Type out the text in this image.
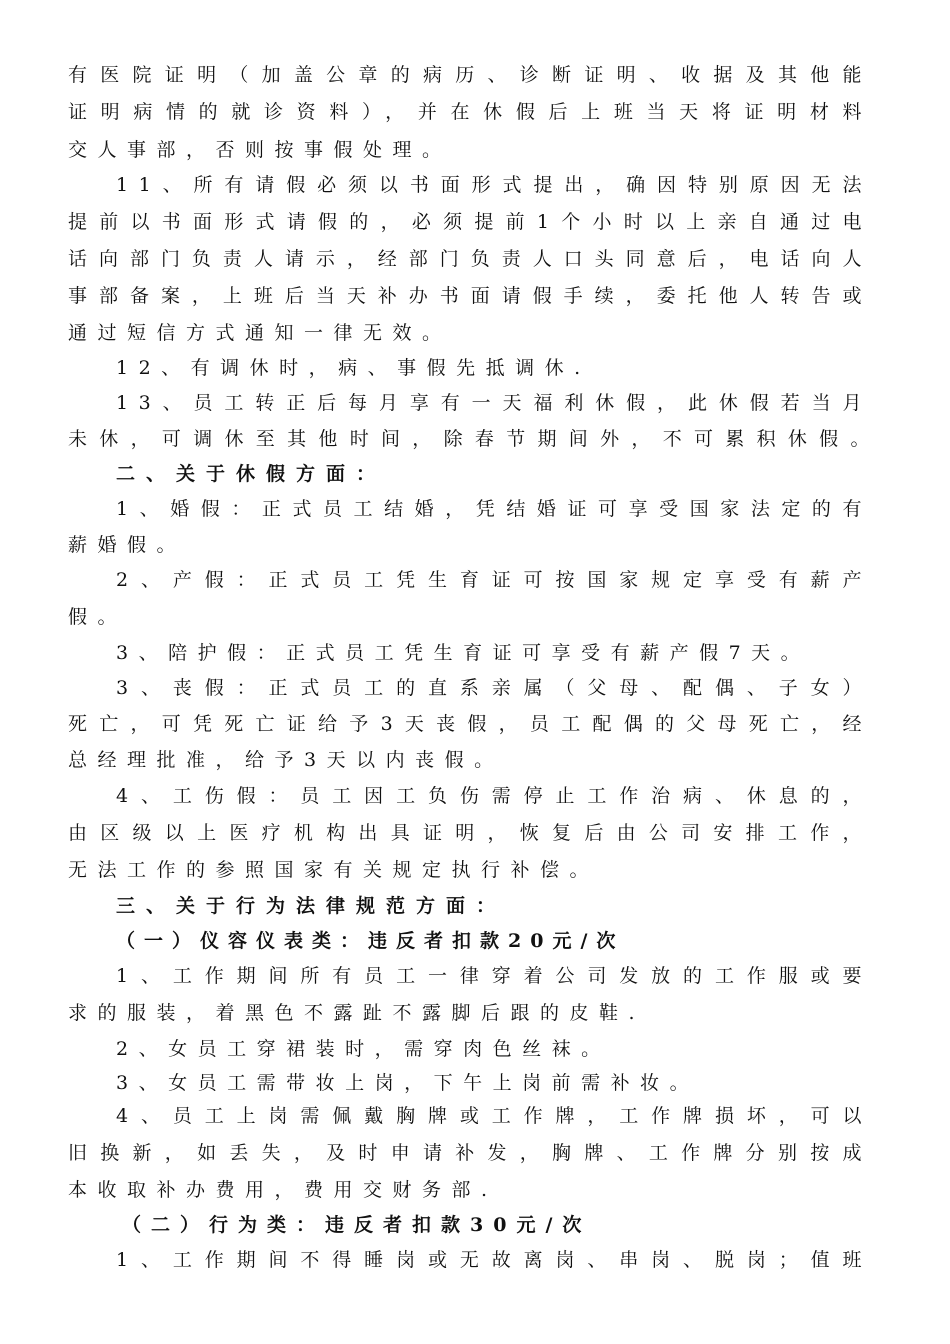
有医院证明（加盖公章的病历、诊断证明、收据及其他能
证明病情的就诊资料），并在休假后上班当天将证明材料
交人事部，否则按事假处理。
11、所有请假必须以书面形式提出，确因特别原因无法
提前以书面形式请假的，必须提前1个小时以上亲自通过电
话向部门负责人请示，经部门负责人口头同意后，电话向人
事部备案，上班后当天补办书面请假手续，委托他人转告或
通过短信方式通知一律无效。
12、有调休时，病、事假先抵调休.
13、员工转正后每月享有一天福利休假，此休假若当月
未休，可调休至其他时间，除春节期间外，不可累积休假。
二、关于休假方面：
1、婚假：正式员工结婚，凭结婚证可享受国家法定的有
薪婚假。
2、产假：正式员工凭生育证可按国家规定享受有薪产
假。
3、陪护假：正式员工凭生育证可享受有薪产假7天。
3、丧假：正式员工的直系亲属（父母、配偶、子女）
死亡，可凭死亡证给予3天丧假，员工配偶的父母死亡，经
总经理批准，给予3天以内丧假。
4、工伤假：员工因工负伤需停止工作治病、休息的，
由区级以上医疗机构出具证明，恢复后由公司安排工作，
无法工作的参照国家有关规定执行补偿。
三、关于行为法律规范方面：
（一）仪容仪表类：违反者扣款20元/次
1、工作期间所有员工一律穿着公司发放的工作服或要
求的服装，着黑色不露趾不露脚后跟的皮鞋.
2、女员工穿裙装时，需穿肉色丝袜。
3、女员工需带妆上岗，下午上岗前需补妆。
4、员工上岗需佩戴胸牌或工作牌，工作牌损坏，可以
旧换新，如丢失，及时申请补发，胸牌、工作牌分别按成
本收取补办费用，费用交财务部.
（二）行为类：违反者扣款30元/次
1、工作期间不得睡岗或无故离岗、串岗、脱岗；值班
